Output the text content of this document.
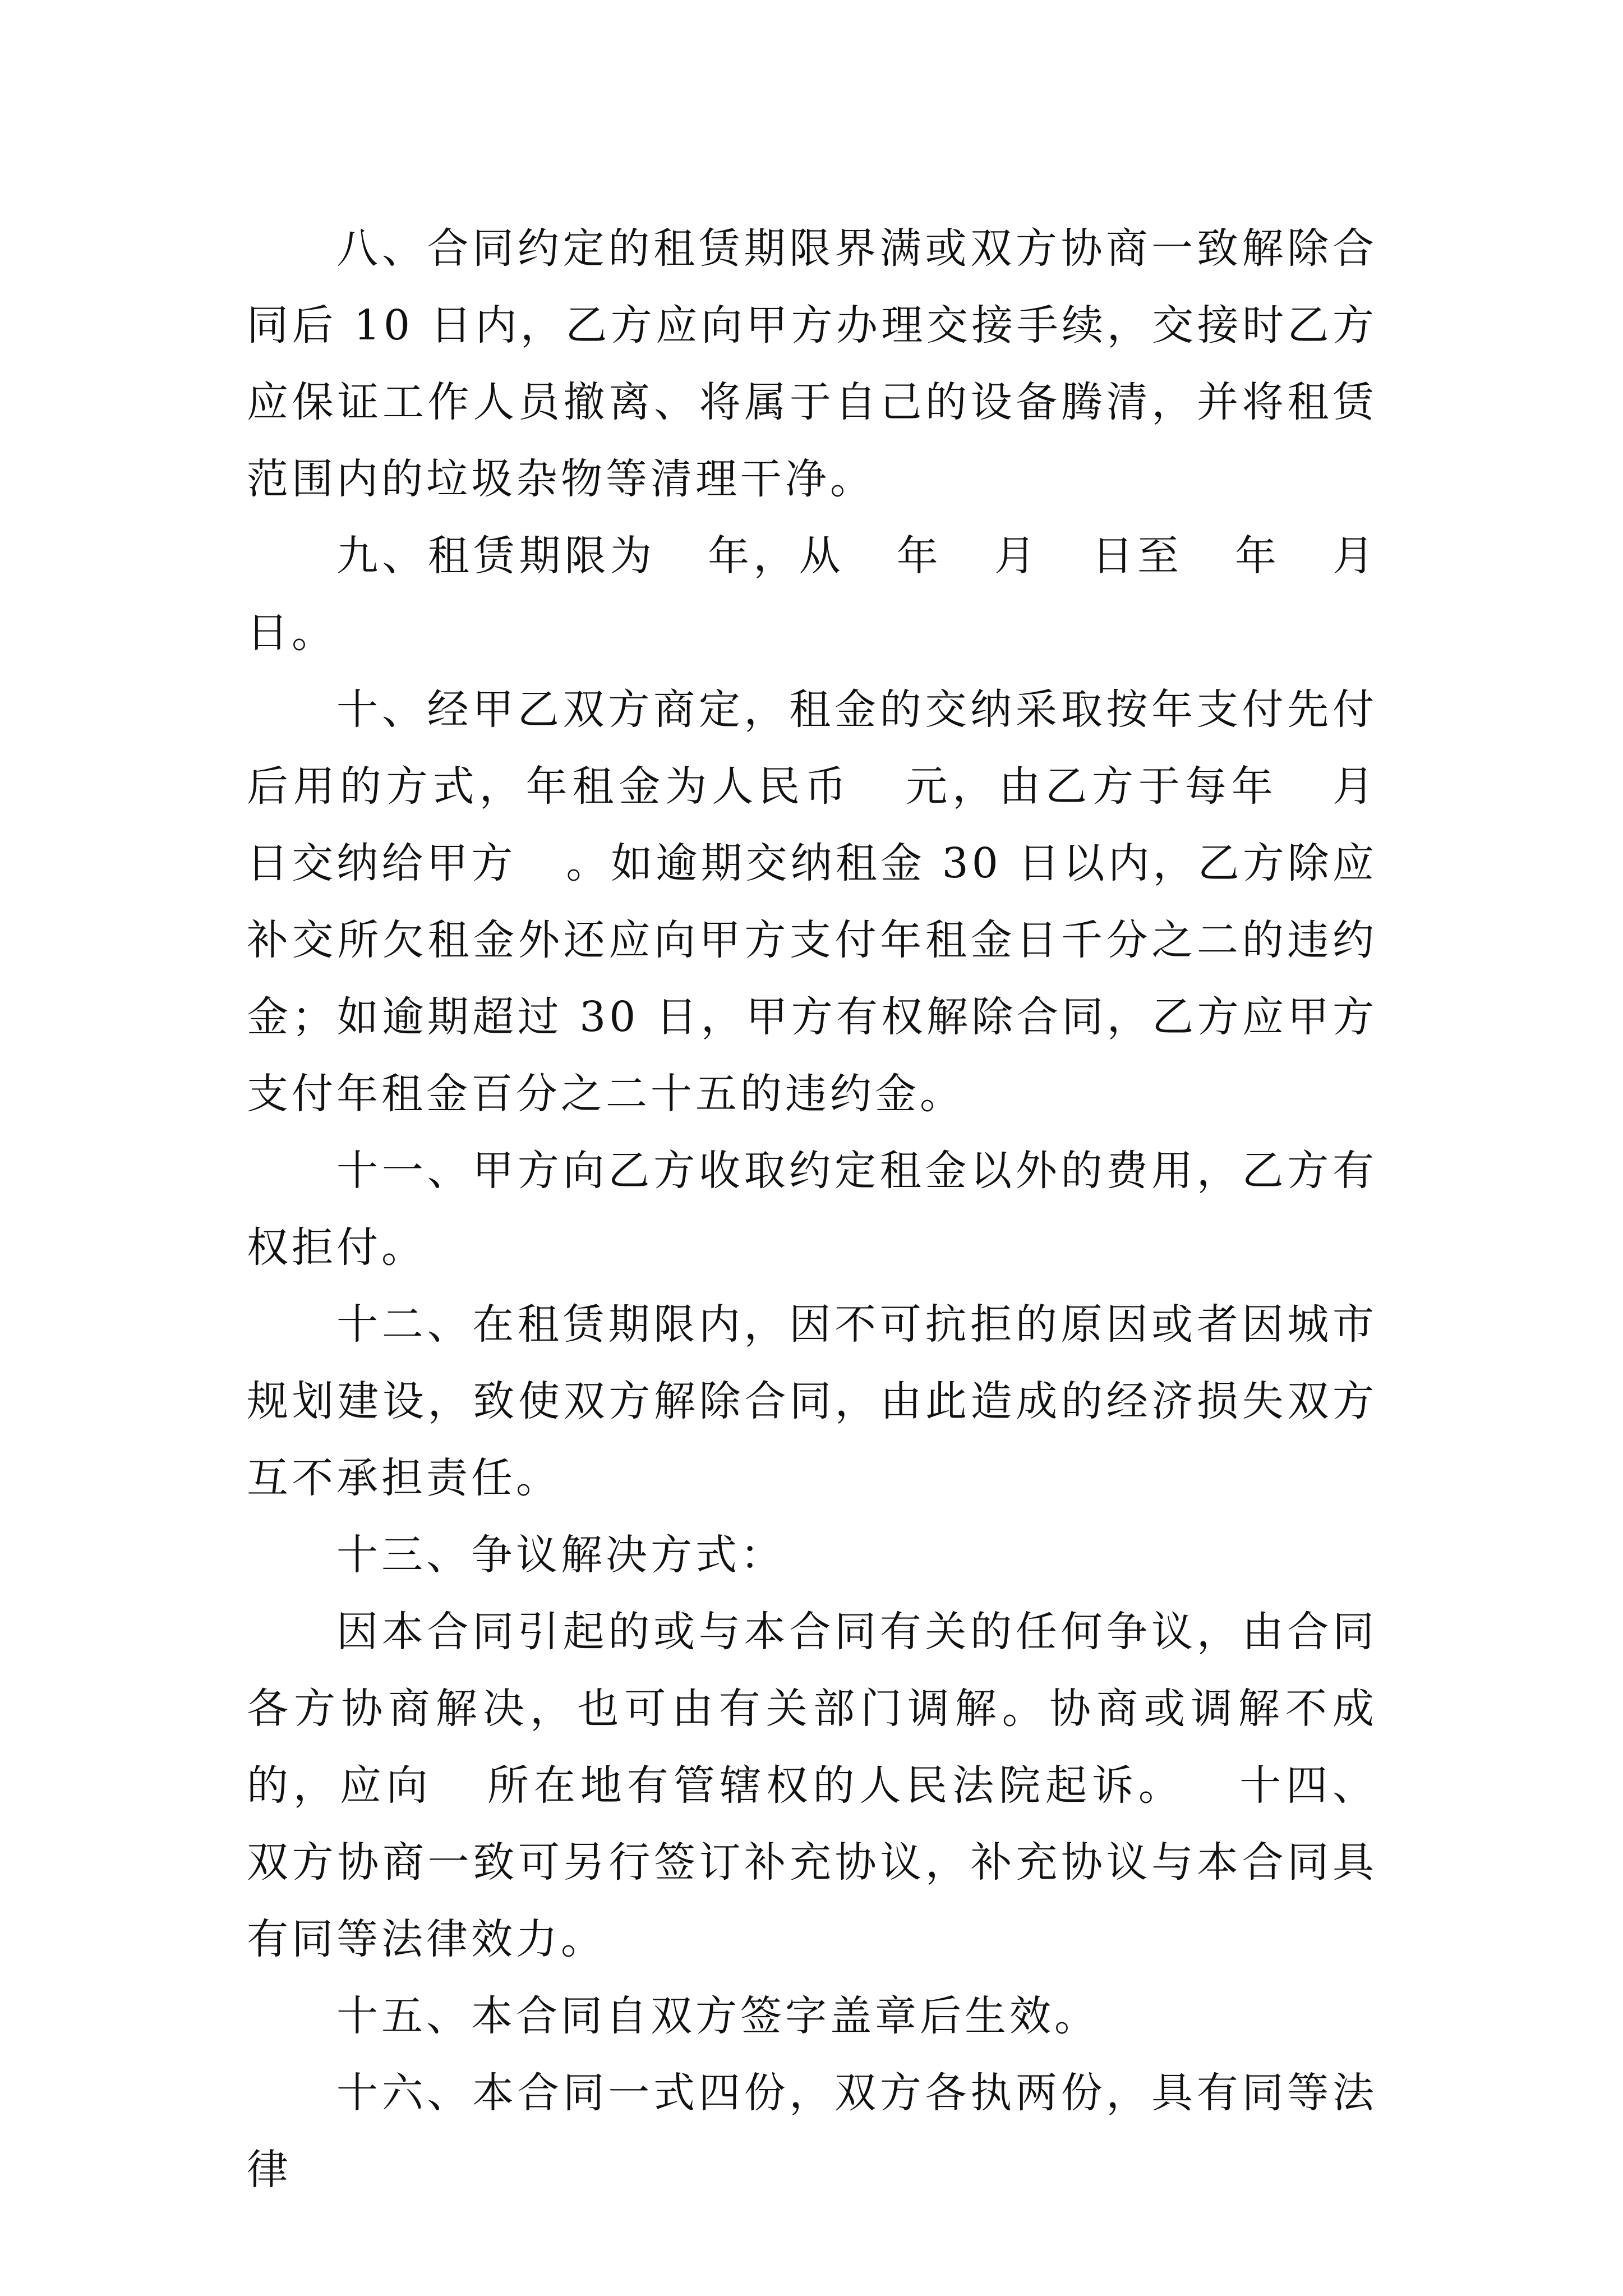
八、合同约定的租赁期限界满或双方协商一致解除合同后 10 日内，乙方应向甲方办理交接手续，交接时乙方应保证工作人员撤离、将属于自己的设备腾清，并将租赁范围内的垃圾杂物等清理干净。

九、租赁期限为   年，从   年   月   日至   年   月   日。

十、经甲乙双方商定，租金的交纳采取按年支付先付后用的方式，年租金为人民币   元，由乙方于每年   月   日交纳给甲方   。如逾期交纳租金 30 日以内，乙方除应补交所欠租金外还应向甲方支付年租金日千分之二的违约金；如逾期超过 30 日，甲方有权解除合同，乙方应甲方支付年租金百分之二十五的违约金。

十一、甲方向乙方收取约定租金以外的费用，乙方有权拒付。

十二、在租赁期限内，因不可抗拒的原因或者因城市规划建设，致使双方解除合同，由此造成的经济损失双方互不承担责任。

十三、争议解决方式：

因本合同引起的或与本合同有关的任何争议，由合同各方协商解决，也可由有关部门调解。协商或调解不成的，应向   所在地有管辖权的人民法院起诉。   十四、双方协商一致可另行签订补充协议，补充协议与本合同具有同等法律效力。

十五、本合同自双方签字盖章后生效。

十六、本合同一式四份，双方各执两份，具有同等法律
